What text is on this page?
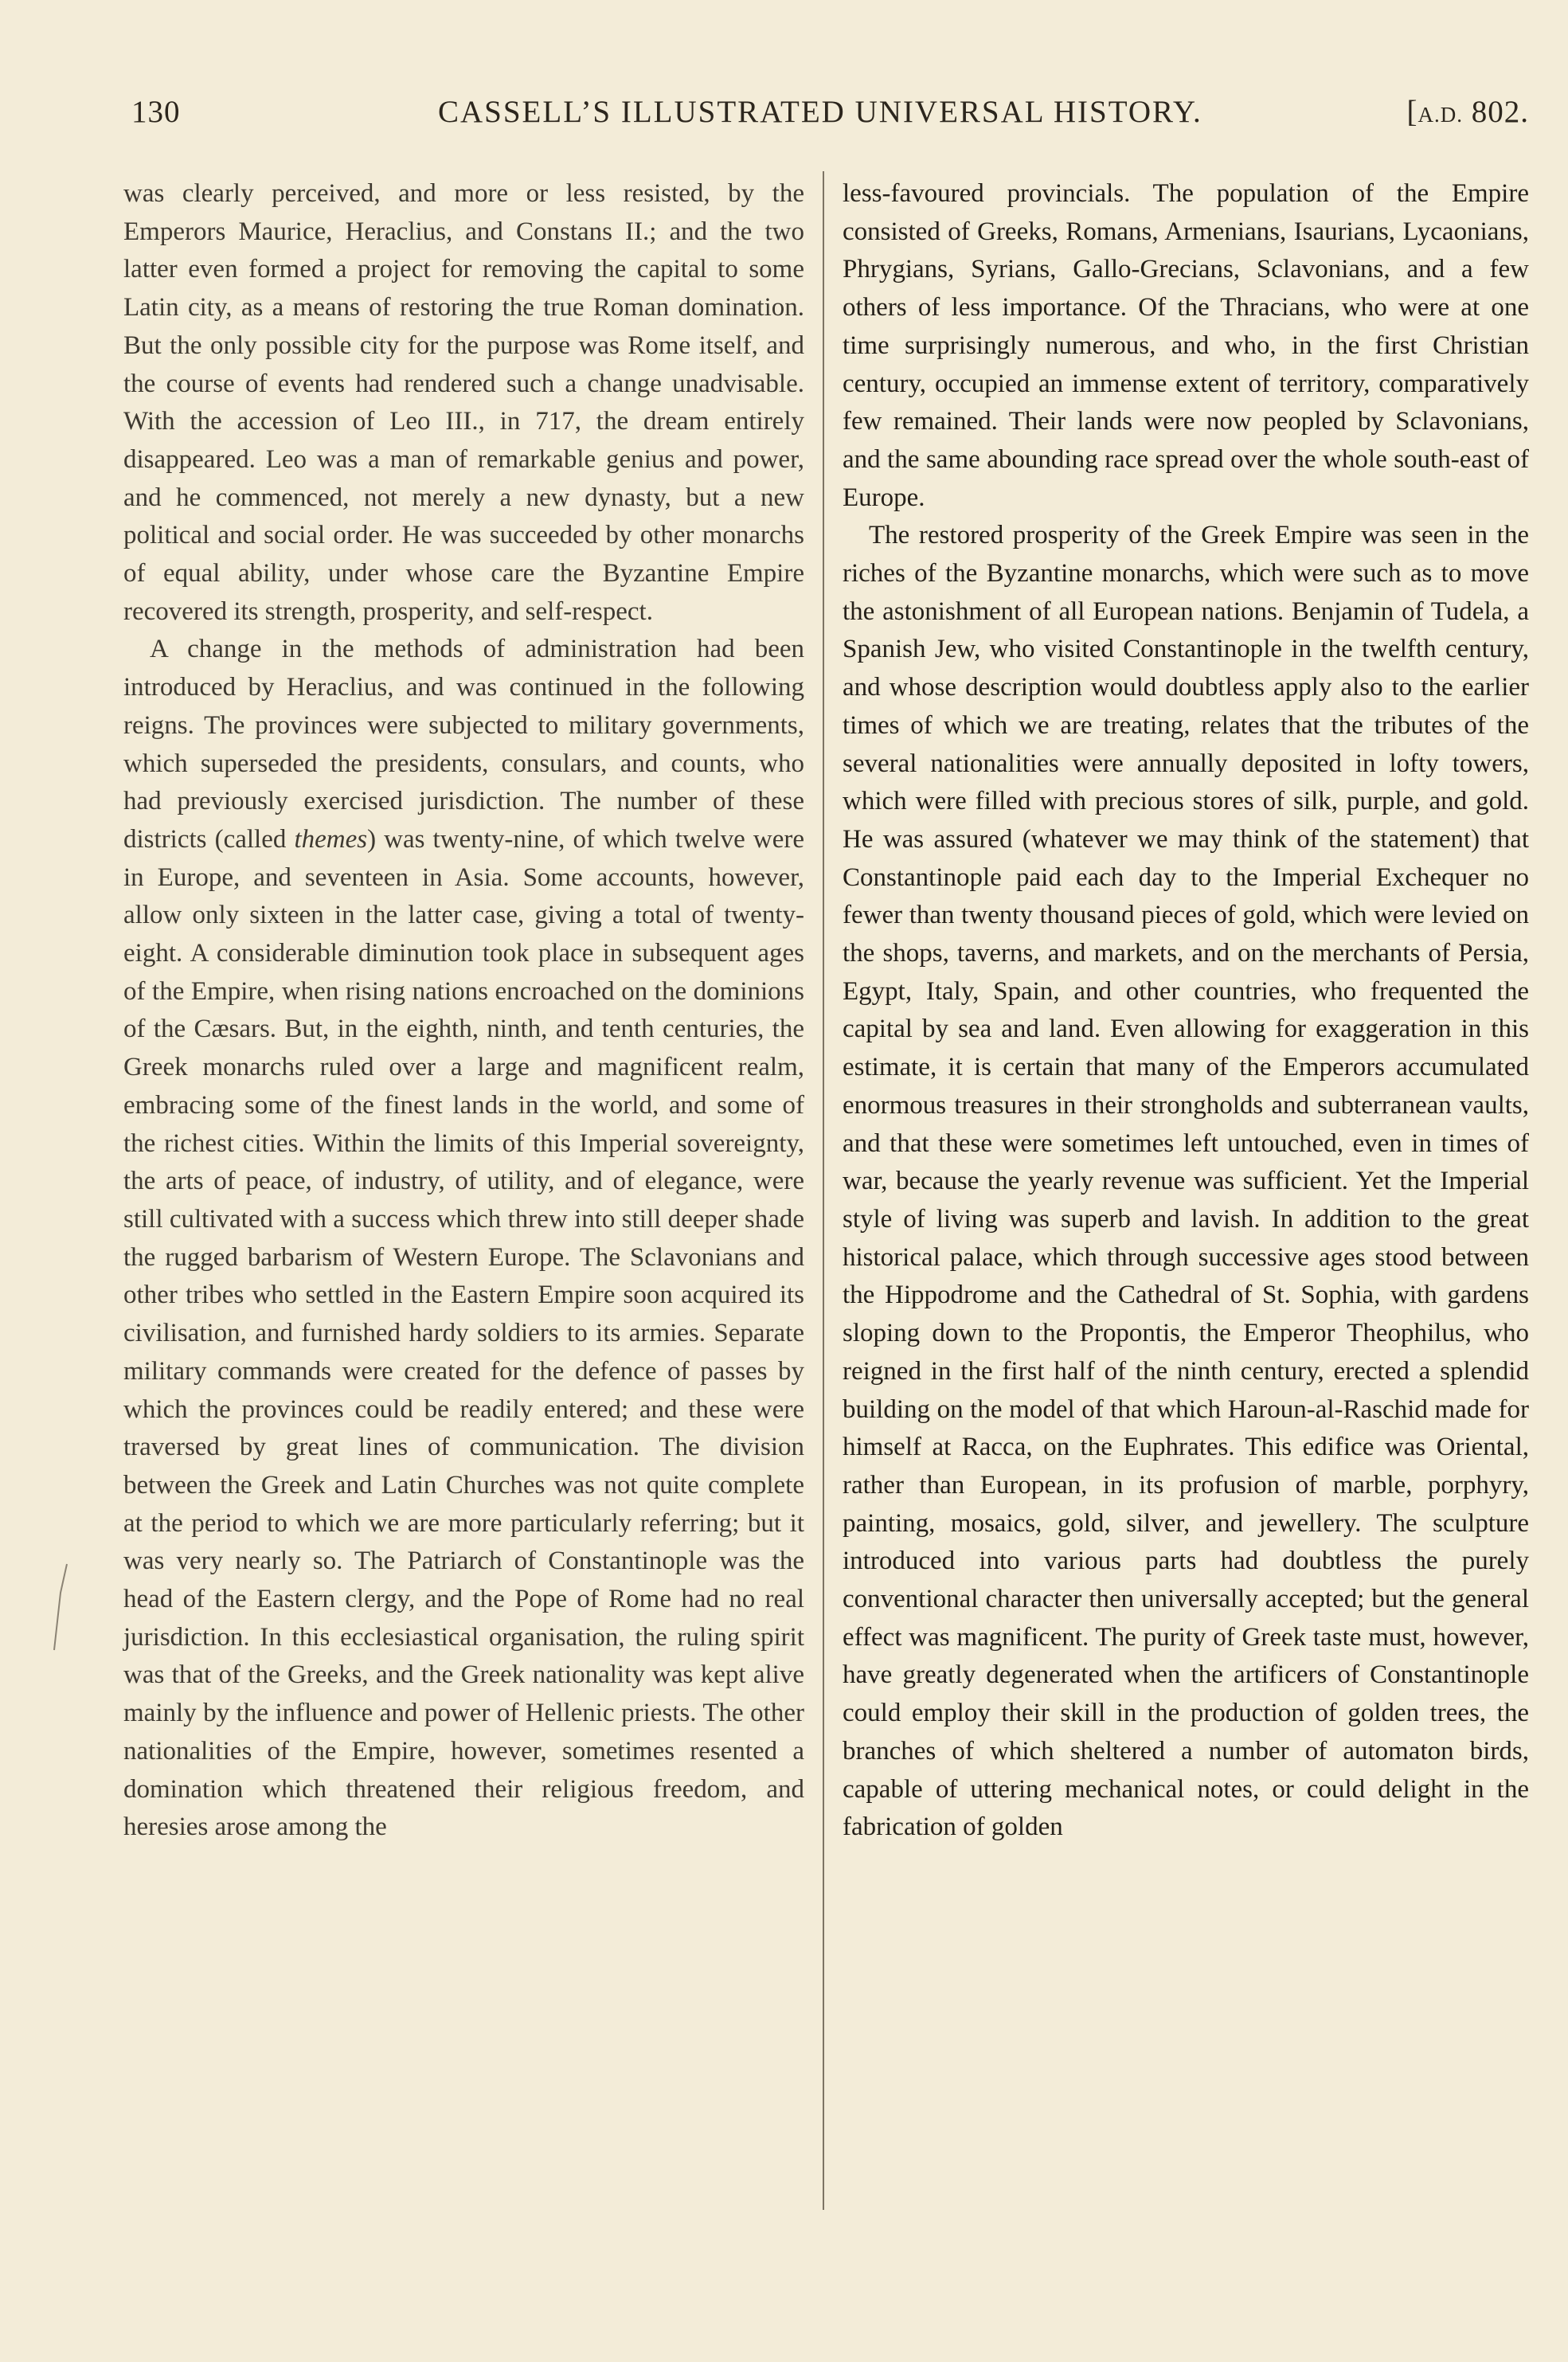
130	CASSELL’S ILLUSTRATED UNIVERSAL HISTORY.	[A.D. 802.

was clearly perceived, and more or less resisted, by the Emperors Maurice, Heraclius, and Constans II.; and the two latter even formed a project for removing the capital to some Latin city, as a means of restoring the true Roman domination. But the only possible city for the purpose was Rome itself, and the course of events had rendered such a change unadvisable. With the accession of Leo III., in 717, the dream entirely disappeared. Leo was a man of remarkable genius and power, and he commenced, not merely a new dynasty, but a new political and social order. He was succeeded by other monarchs of equal ability, under whose care the Byzantine Empire recovered its strength, prosperity, and self-respect.

A change in the methods of administration had been introduced by Heraclius, and was continued in the following reigns. The provinces were subjected to military governments, which superseded the presidents, consulars, and counts, who had previously exercised jurisdiction. The number of these districts (called themes) was twenty-nine, of which twelve were in Europe, and seventeen in Asia. Some accounts, however, allow only sixteen in the latter case, giving a total of twenty-eight. A considerable diminution took place in subsequent ages of the Empire, when rising nations encroached on the dominions of the Cæsars. But, in the eighth, ninth, and tenth centuries, the Greek monarchs ruled over a large and magnificent realm, embracing some of the finest lands in the world, and some of the richest cities. Within the limits of this Imperial sovereignty, the arts of peace, of industry, of utility, and of elegance, were still cultivated with a success which threw into still deeper shade the rugged barbarism of Western Europe. The Sclavonians and other tribes who settled in the Eastern Empire soon acquired its civilisation, and furnished hardy soldiers to its armies. Separate military commands were created for the defence of passes by which the provinces could be readily entered; and these were traversed by great lines of communication. The division between the Greek and Latin Churches was not quite complete at the period to which we are more particularly referring; but it was very nearly so. The Patriarch of Constantinople was the head of the Eastern clergy, and the Pope of Rome had no real jurisdiction. In this ecclesiastical organisation, the ruling spirit was that of the Greeks, and the Greek nationality was kept alive mainly by the influence and power of Hellenic priests. The other nationalities of the Empire, however, sometimes resented a domination which threatened their religious freedom, and heresies arose among the

less-favoured provincials. The population of the Empire consisted of Greeks, Romans, Armenians, Isaurians, Lycaonians, Phrygians, Syrians, Gallo-Grecians, Sclavonians, and a few others of less importance. Of the Thracians, who were at one time surprisingly numerous, and who, in the first Christian century, occupied an immense extent of territory, comparatively few remained. Their lands were now peopled by Sclavonians, and the same abounding race spread over the whole south-east of Europe.

The restored prosperity of the Greek Empire was seen in the riches of the Byzantine monarchs, which were such as to move the astonishment of all European nations. Benjamin of Tudela, a Spanish Jew, who visited Constantinople in the twelfth century, and whose description would doubtless apply also to the earlier times of which we are treating, relates that the tributes of the several nationalities were annually deposited in lofty towers, which were filled with precious stores of silk, purple, and gold. He was assured (whatever we may think of the statement) that Constantinople paid each day to the Imperial Exchequer no fewer than twenty thousand pieces of gold, which were levied on the shops, taverns, and markets, and on the merchants of Persia, Egypt, Italy, Spain, and other countries, who frequented the capital by sea and land. Even allowing for exaggeration in this estimate, it is certain that many of the Emperors accumulated enormous treasures in their strongholds and subterranean vaults, and that these were sometimes left untouched, even in times of war, because the yearly revenue was sufficient. Yet the Imperial style of living was superb and lavish. In addition to the great historical palace, which through successive ages stood between the Hippodrome and the Cathedral of St. Sophia, with gardens sloping down to the Propontis, the Emperor Theophilus, who reigned in the first half of the ninth century, erected a splendid building on the model of that which Haroun-al-Raschid made for himself at Racca, on the Euphrates. This edifice was Oriental, rather than European, in its profusion of marble, porphyry, painting, mosaics, gold, silver, and jewellery. The sculpture introduced into various parts had doubtless the purely conventional character then universally accepted; but the general effect was magnificent. The purity of Greek taste must, however, have greatly degenerated when the artificers of Constantinople could employ their skill in the production of golden trees, the branches of which sheltered a number of automaton birds, capable of uttering mechanical notes, or could delight in the fabrication of golden
